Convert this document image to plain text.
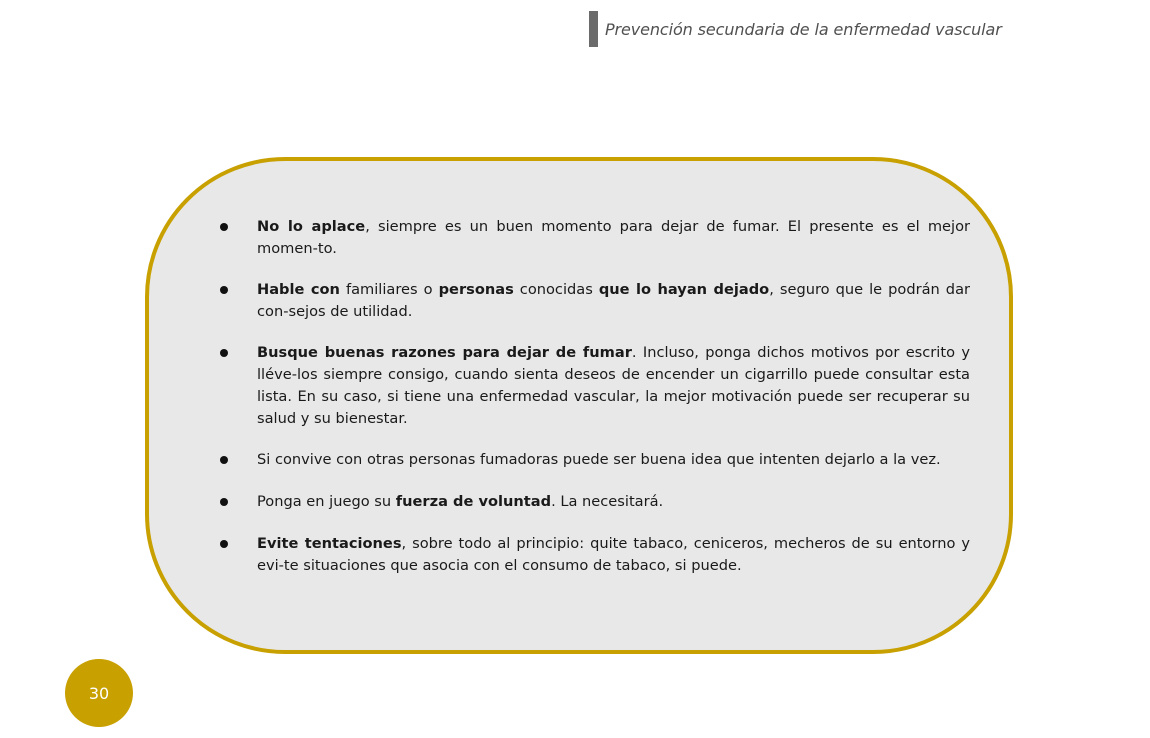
Prevención secundaria de la enfermedad vascular
No lo aplace, siempre es un buen momento para dejar de fumar. El presente es el mejor momen-to.
Hable con familiares o personas conocidas que lo hayan dejado, seguro que le podrán dar con-sejos de utilidad.
Busque buenas razones para dejar de fumar. Incluso, ponga dichos motivos por escrito y lléve-los siempre consigo, cuando sienta deseos de encender un cigarrillo puede consultar esta lista. En su caso, si tiene una enfermedad vascular, la mejor motivación puede ser recuperar su salud y su bienestar.
Si convive con otras personas fumadoras puede ser buena idea que intenten dejarlo a la vez.
Ponga en juego su fuerza de voluntad. La necesitará.
Evite tentaciones, sobre todo al principio: quite tabaco, ceniceros, mecheros de su entorno y evi-te situaciones que asocia con el consumo de tabaco, si puede.
30
